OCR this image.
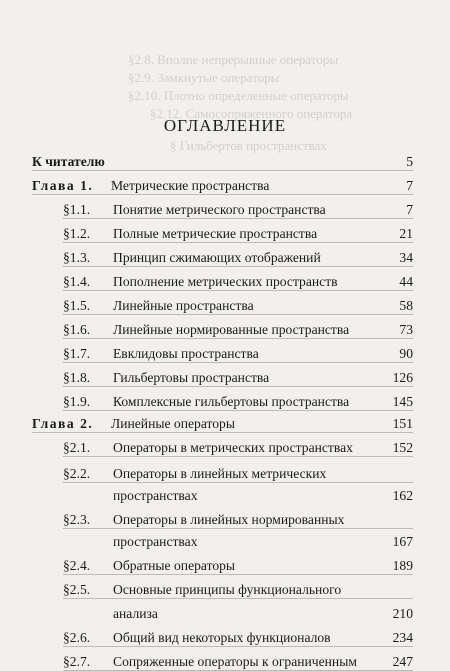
§2.8. Вполне непрерывные операторы
§2.9. Замкнутые операторы
§2.10. Плотно определенные операторы
§2.12. Самосопряженного оператора
§ Гильбертов пространствах
ОГЛАВЛЕНИЕ
К читателю	5
Глава 1. Метрические пространства	7
§1.1. Понятие метрического пространства	7
§1.2. Полные метрические пространства	21
§1.3. Принцип сжимающих отображений	34
§1.4. Пополнение метрических пространств	44
§1.5. Линейные пространства	58
§1.6. Линейные нормированные пространства	73
§1.7. Евклидовы пространства	90
§1.8. Гильбертовы пространства	126
§1.9. Комплексные гильбертовы пространства	145
Глава 2. Линейные операторы	151
§2.1. Операторы в метрических пространствах	152
§2.2. Операторы в линейных метрических
пространствах	162
§2.3. Операторы в линейных нормированных
пространствах	167
§2.4. Обратные операторы	189
§2.5. Основные принципы функционального
анализа	210
§2.6. Общий вид некоторых функционалов	234
§2.7. Сопряженные операторы к ограниченным	247
